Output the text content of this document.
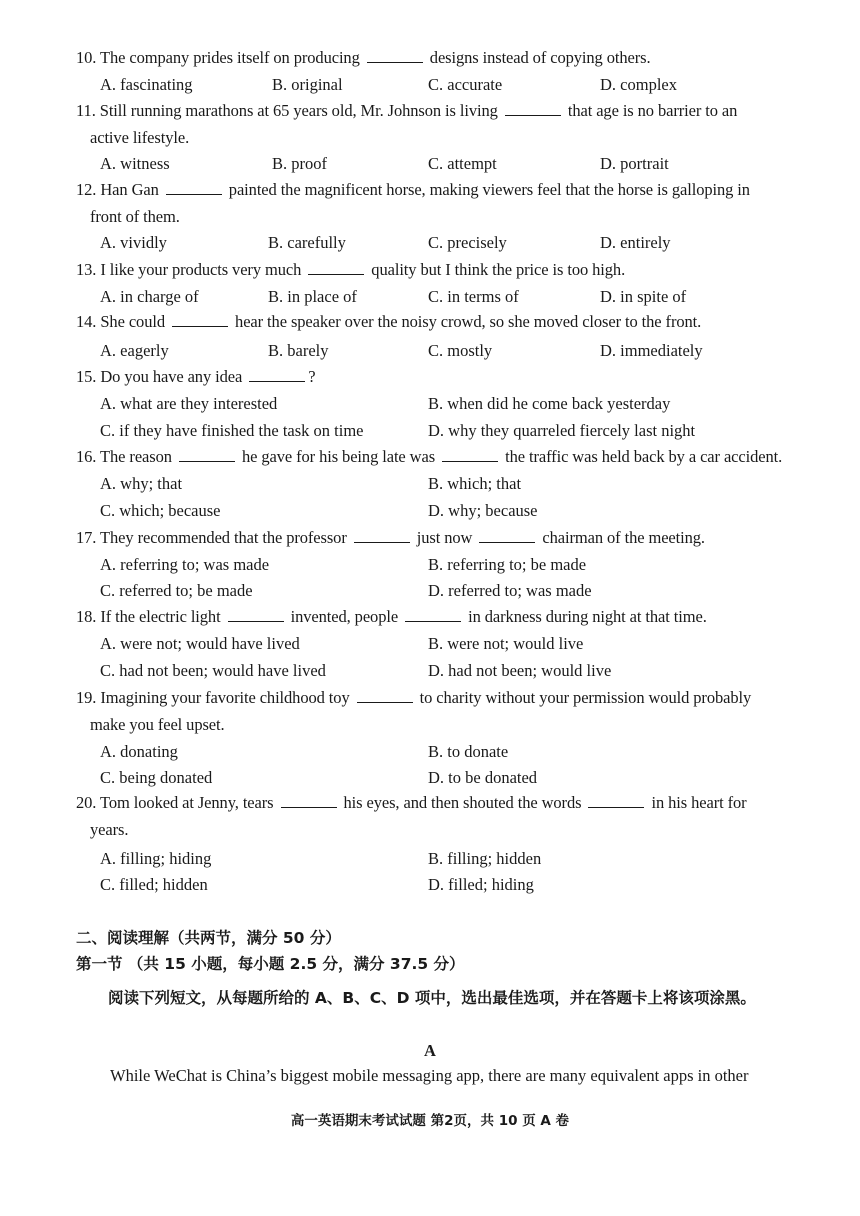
10. The company prides itself on producing	designs instead of copying others.
A. fascinating	B. original	C. accurate	D. complex
11. Still running marathons at 65 years old, Mr. Johnson is living	that age is no barrier to an
active lifestyle.
A. witness	B. proof	C. attempt	D. portrait
12. Han Gan	painted the magnificent horse, making viewers feel that the horse is galloping in
front of them.
A. vividly	B. carefully	C. precisely	D. entirely
13. I like your products very much	quality but I think the price is too high.
A. in charge of	B. in place of	C. in terms of	D. in spite of
14. She could	hear the speaker over the noisy crowd, so she moved closer to the front.
A. eagerly	B. barely	C. mostly	D. immediately
15. Do you have any idea	?
A. what are they interested	B. when did he come back yesterday
C. if they have finished the task on time	D. why they quarreled fiercely last night
16. The reason	he gave for his being late was	the traffic was held back by a car accident.
A. why; that	B. which; that
C. which; because	D. why; because
17. They recommended that the professor	just now	chairman of the meeting.
A. referring to; was made	B. referring to; be made
C. referred to; be made	D. referred to; was made
18. If the electric light	invented, people	in darkness during night at that time.
A. were not; would have lived	B. were not; would live
C. had not been; would have lived	D. had not been; would live
19. Imagining your favorite childhood toy	to charity without your permission would probably
make you feel upset.
A. donating	B. to donate
C. being donated	D. to be donated
20. Tom looked at Jenny, tears	his eyes, and then shouted the words	in his heart for
years.
A. filling; hiding	B. filling; hidden
C. filled; hidden	D. filled; hiding
二、阅读理解（共两节，满分 50 分）
第一节 （共 15 小题，每小题 2.5 分，满分 37.5 分）
阅读下列短文，从每题所给的 A、B、C、D 项中，选出最佳选项，并在答题卡上将该项涂黑。
A
While WeChat is China’s biggest mobile messaging app, there are many equivalent apps in other
高一英语期末考试试题 第2页，共 10 页 A 卷
